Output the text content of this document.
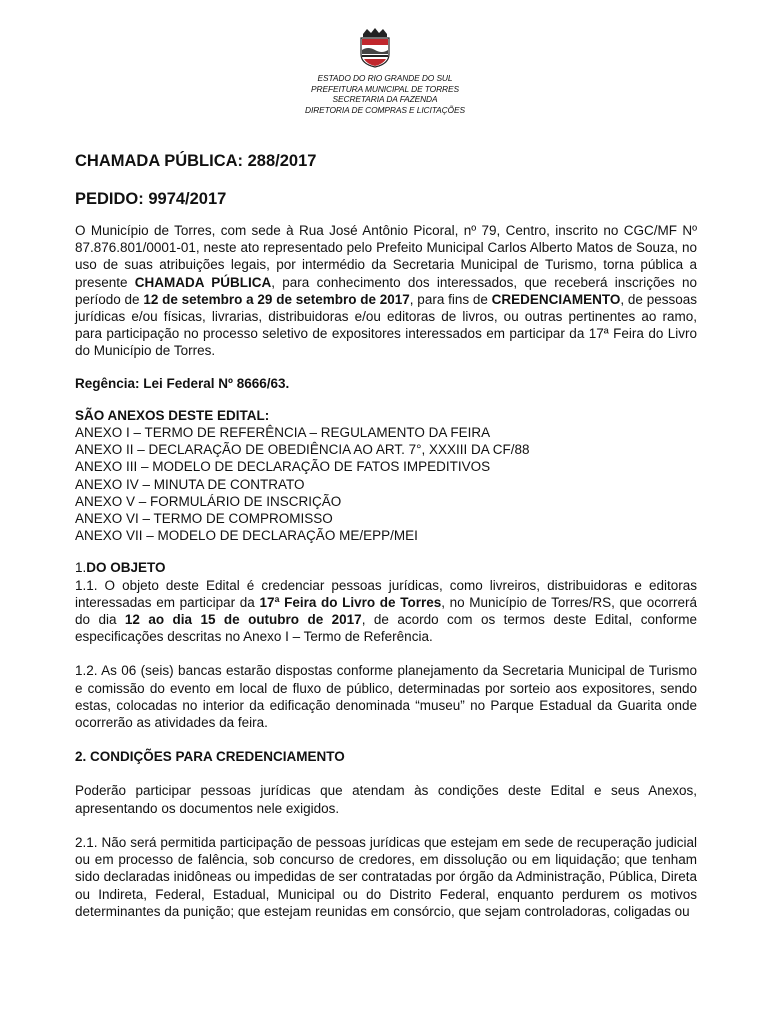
ESTADO DO RIO GRANDE DO SUL
PREFEITURA MUNICIPAL DE TORRES
SECRETARIA DA FAZENDA
DIRETORIA DE COMPRAS E LICITAÇÕES
CHAMADA PÚBLICA: 288/2017
PEDIDO: 9974/2017

O Município de Torres, com sede à Rua José Antônio Picoral, nº 79, Centro, inscrito no CGC/MF Nº 87.876.801/0001-01, neste ato representado pelo Prefeito Municipal Carlos Alberto Matos de Souza, no uso de suas atribuições legais, por intermédio da Secretaria Municipal de Turismo, torna pública a presente CHAMADA PÚBLICA, para conhecimento dos interessados, que receberá inscrições no período de 12 de setembro a 29 de setembro de 2017, para fins de CREDENCIAMENTO, de pessoas jurídicas e/ou físicas, livrarias, distribuidoras e/ou editoras de livros, ou outras pertinentes ao ramo, para participação no processo seletivo de expositores interessados em participar da 17ª Feira do Livro do Município de Torres.

Regência: Lei Federal Nº 8666/63.

SÃO ANEXOS DESTE EDITAL:
ANEXO I – TERMO DE REFERÊNCIA – REGULAMENTO DA FEIRA
ANEXO II – DECLARAÇÃO DE OBEDIÊNCIA AO ART. 7°, XXXIII DA CF/88
ANEXO III – MODELO DE DECLARAÇÃO DE FATOS IMPEDITIVOS
ANEXO IV – MINUTA DE CONTRATO
ANEXO V – FORMULÁRIO DE INSCRIÇÃO
ANEXO VI – TERMO DE COMPROMISSO
ANEXO VII – MODELO DE DECLARAÇÃO ME/EPP/MEI
1.DO OBJETO

1.1. O objeto deste Edital é credenciar pessoas jurídicas, como livreiros, distribuidoras e editoras interessadas em participar da 17ª Feira do Livro de Torres, no Município de Torres/RS, que ocorrerá do dia 12 ao dia 15 de outubro de 2017, de acordo com os termos deste Edital, conforme especificações descritas no Anexo I – Termo de Referência.

1.2. As 06 (seis) bancas estarão dispostas conforme planejamento da Secretaria Municipal de Turismo e comissão do evento em local de fluxo de público, determinadas por sorteio aos expositores, sendo estas, colocadas no interior da edificação denominada “museu” no Parque Estadual da Guarita onde ocorrerão as atividades da feira.

2. CONDIÇÕES PARA CREDENCIAMENTO

Poderão participar pessoas jurídicas que atendam às condições deste Edital e seus Anexos, apresentando os documentos nele exigidos.

2.1. Não será permitida participação de pessoas jurídicas que estejam em sede de recuperação judicial ou em processo de falência, sob concurso de credores, em dissolução ou em liquidação; que tenham sido declaradas inidôneas ou impedidas de ser contratadas por órgão da Administração, Pública, Direta ou Indireta, Federal, Estadual, Municipal ou do Distrito Federal, enquanto perdurem os motivos determinantes da punição; que estejam reunidas em consórcio, que sejam controladoras, coligadas ou
